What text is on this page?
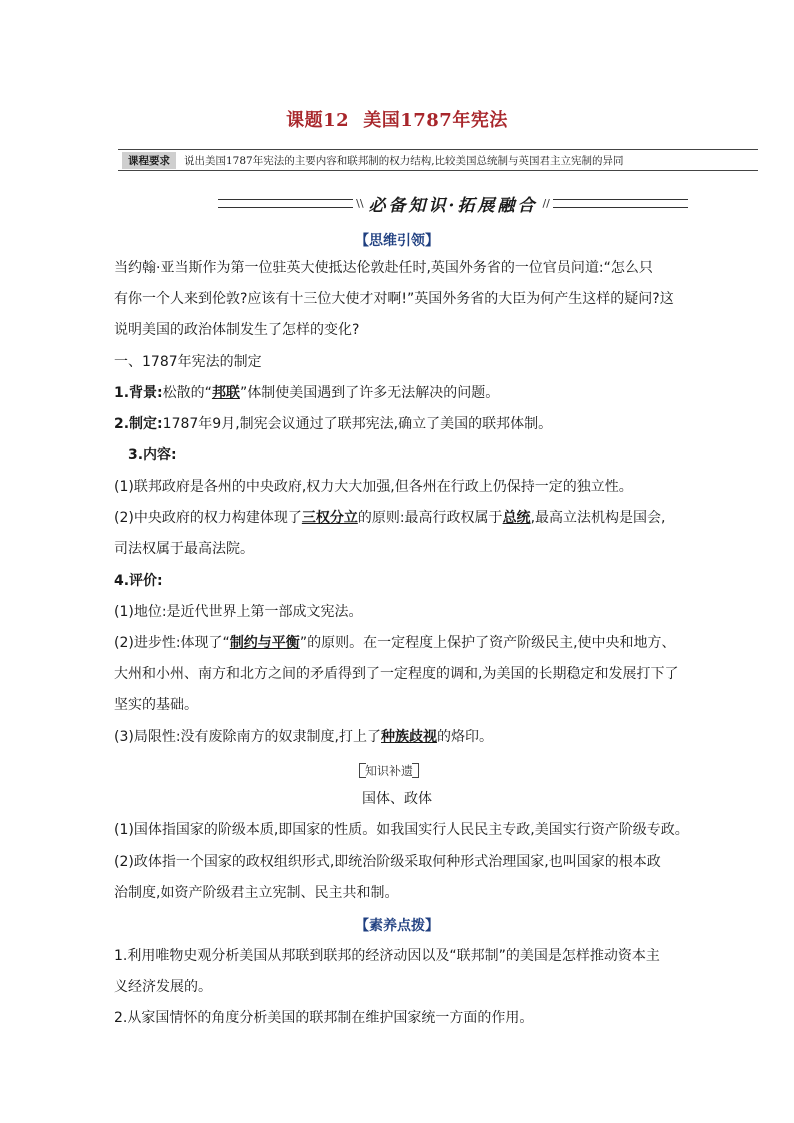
课题12 美国1787年宪法
课程要求	说出美国1787年宪法的主要内容和联邦制的权力结构,比较美国总统制与英国君主立宪制的异同
\\ 必备知识·拓展融合 //
【思维引领】
当约翰·亚当斯作为第一位驻英大使抵达伦敦赴任时,英国外务省的一位官员问道:“怎么只
有你一个人来到伦敦?应该有十三位大使才对啊!”英国外务省的大臣为何产生这样的疑问?这
说明美国的政治体制发生了怎样的变化?
一、1787年宪法的制定
1.背景:松散的“邦联”体制使美国遇到了许多无法解决的问题。
2.制定:1787年9月,制宪会议通过了联邦宪法,确立了美国的联邦体制。
3.内容:
(1)联邦政府是各州的中央政府,权力大大加强,但各州在行政上仍保持一定的独立性。
(2)中央政府的权力构建体现了三权分立的原则:最高行政权属于总统,最高立法机构是国会,
司法权属于最高法院。
4.评价:
(1)地位:是近代世界上第一部成文宪法。
(2)进步性:体现了“制约与平衡”的原则。在一定程度上保护了资产阶级民主,使中央和地方、
大州和小州、南方和北方之间的矛盾得到了一定程度的调和,为美国的长期稳定和发展打下了
坚实的基础。
(3)局限性:没有废除南方的奴隶制度,打上了种族歧视的烙印。
知识补遗
国体、政体
(1)国体指国家的阶级本质,即国家的性质。如我国实行人民民主专政,美国实行资产阶级专政。
(2)政体指一个国家的政权组织形式,即统治阶级采取何种形式治理国家,也叫国家的根本政
治制度,如资产阶级君主立宪制、民主共和制。
【素养点拨】
1.利用唯物史观分析美国从邦联到联邦的经济动因以及“联邦制”的美国是怎样推动资本主
义经济发展的。
2.从家国情怀的角度分析美国的联邦制在维护国家统一方面的作用。
